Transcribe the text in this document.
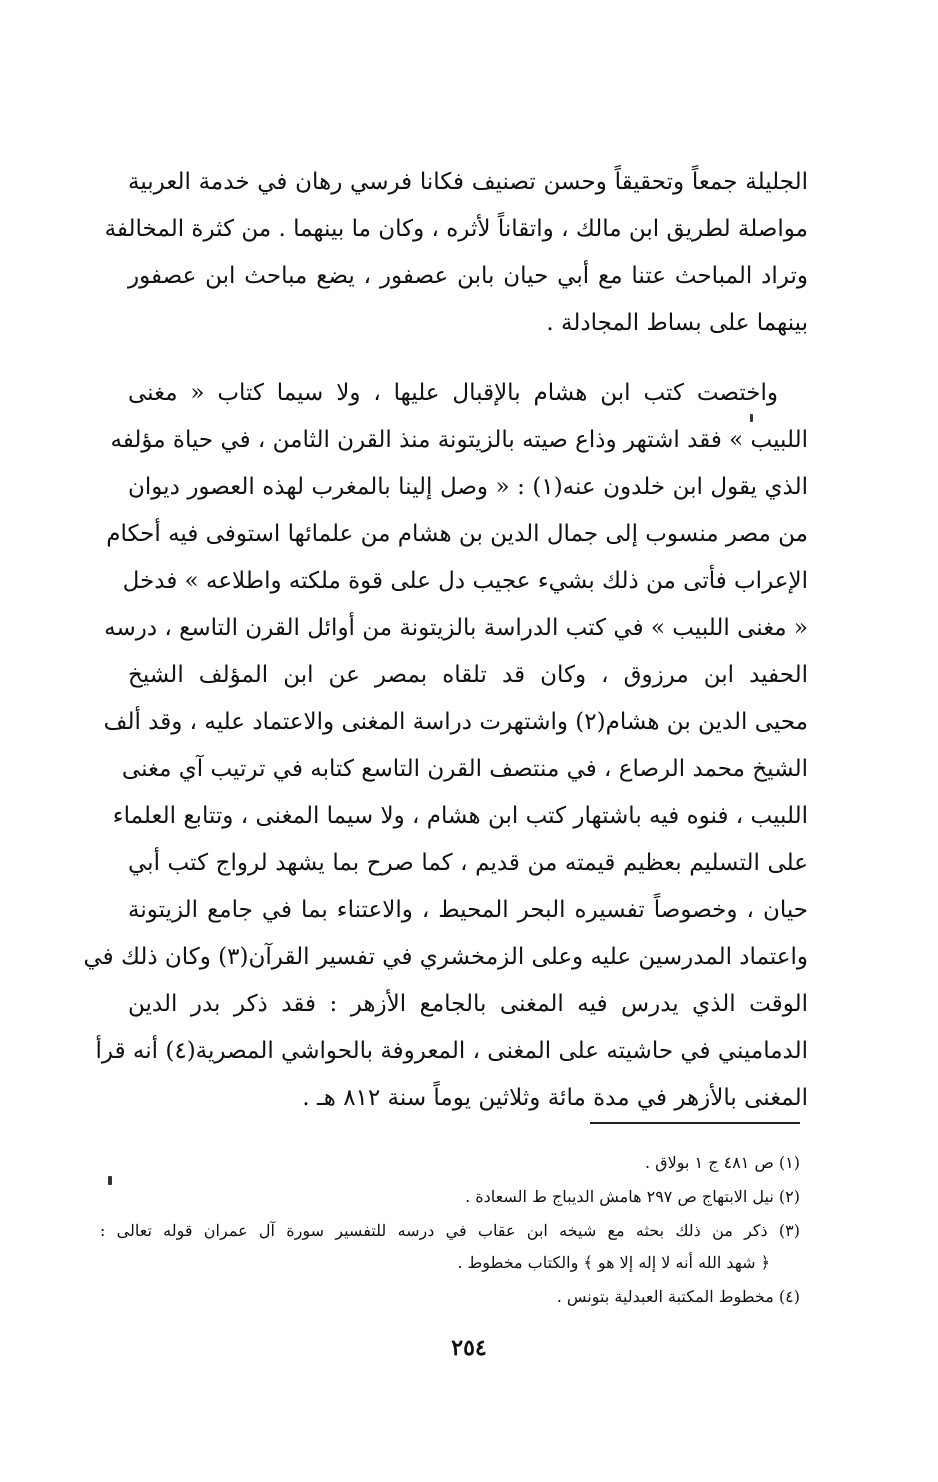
الجليلة جمعاً وتحقيقاً وحسن تصنيف فكانا فرسي رهان في خدمة العربية
مواصلة لطريق ابن مالك ، واتقاناً لأثره ، وكان ما بينهما . من كثرة المخالفة
وتراد المباحث عتنا مع أبي حيان بابن عصفور ، يضع مباحث ابن عصفور
بينهما على بساط المجادلة .
واختصت كتب ابن هشام بالإقبال عليها ، ولا سيما كتاب « مغنى
اللبيب » فقد اشتهر وذاع صيته بالزيتونة منذ القرن الثامن ، في حياة مؤلفه
الذي يقول ابن خلدون عنه(١) : « وصل إلينا بالمغرب لهذه العصور ديوان
من مصر منسوب إلى جمال الدين بن هشام من علمائها استوفى فيه أحكام
الإعراب فأتى من ذلك بشيء عجيب دل على قوة ملكته واطلاعه » فدخل
« مغنى اللبيب » في كتب الدراسة بالزيتونة من أوائل القرن التاسع ، درسه
الحفيد ابن مرزوق ، وكان قد تلقاه بمصر عن ابن المؤلف الشيخ
محيى الدين بن هشام(٢) واشتهرت دراسة المغنى والاعتماد عليه ، وقد ألف
الشيخ محمد الرصاع ، في منتصف القرن التاسع كتابه في ترتيب آي مغنى
اللبيب ، فنوه فيه باشتهار كتب ابن هشام ، ولا سيما المغنى ، وتتابع العلماء
على التسليم بعظيم قيمته من قديم ، كما صرح بما يشهد لرواج كتب أبي
حيان ، وخصوصاً تفسيره البحر المحيط ، والاعتناء بما في جامع الزيتونة
واعتماد المدرسين عليه وعلى الزمخشري في تفسير القرآن(٣) وكان ذلك في
الوقت الذي يدرس فيه المغنى بالجامع الأزهر : فقد ذكر بدر الدين
الدماميني في حاشيته على المغنى ، المعروفة بالحواشي المصرية(٤) أنه قرأ
المغنى بالأزهر في مدة مائة وثلاثين يوماً سنة ٨١٢ هـ .
(١) ص ٤٨١ ج ١ بولاق .
(٢) نيل الابتهاج ص ٢٩٧ هامش الديباج ط السعادة .
(٣) ذكر من ذلك بحثه مع شيخه ابن عقاب في درسه للتفسير سورة آل عمران قوله تعالى :
﴿ شهد الله أنه لا إله إلا هو ﴾ والكتاب مخطوط .
(٤) مخطوط المكتبة العبدلية بتونس .
٢٥٤
